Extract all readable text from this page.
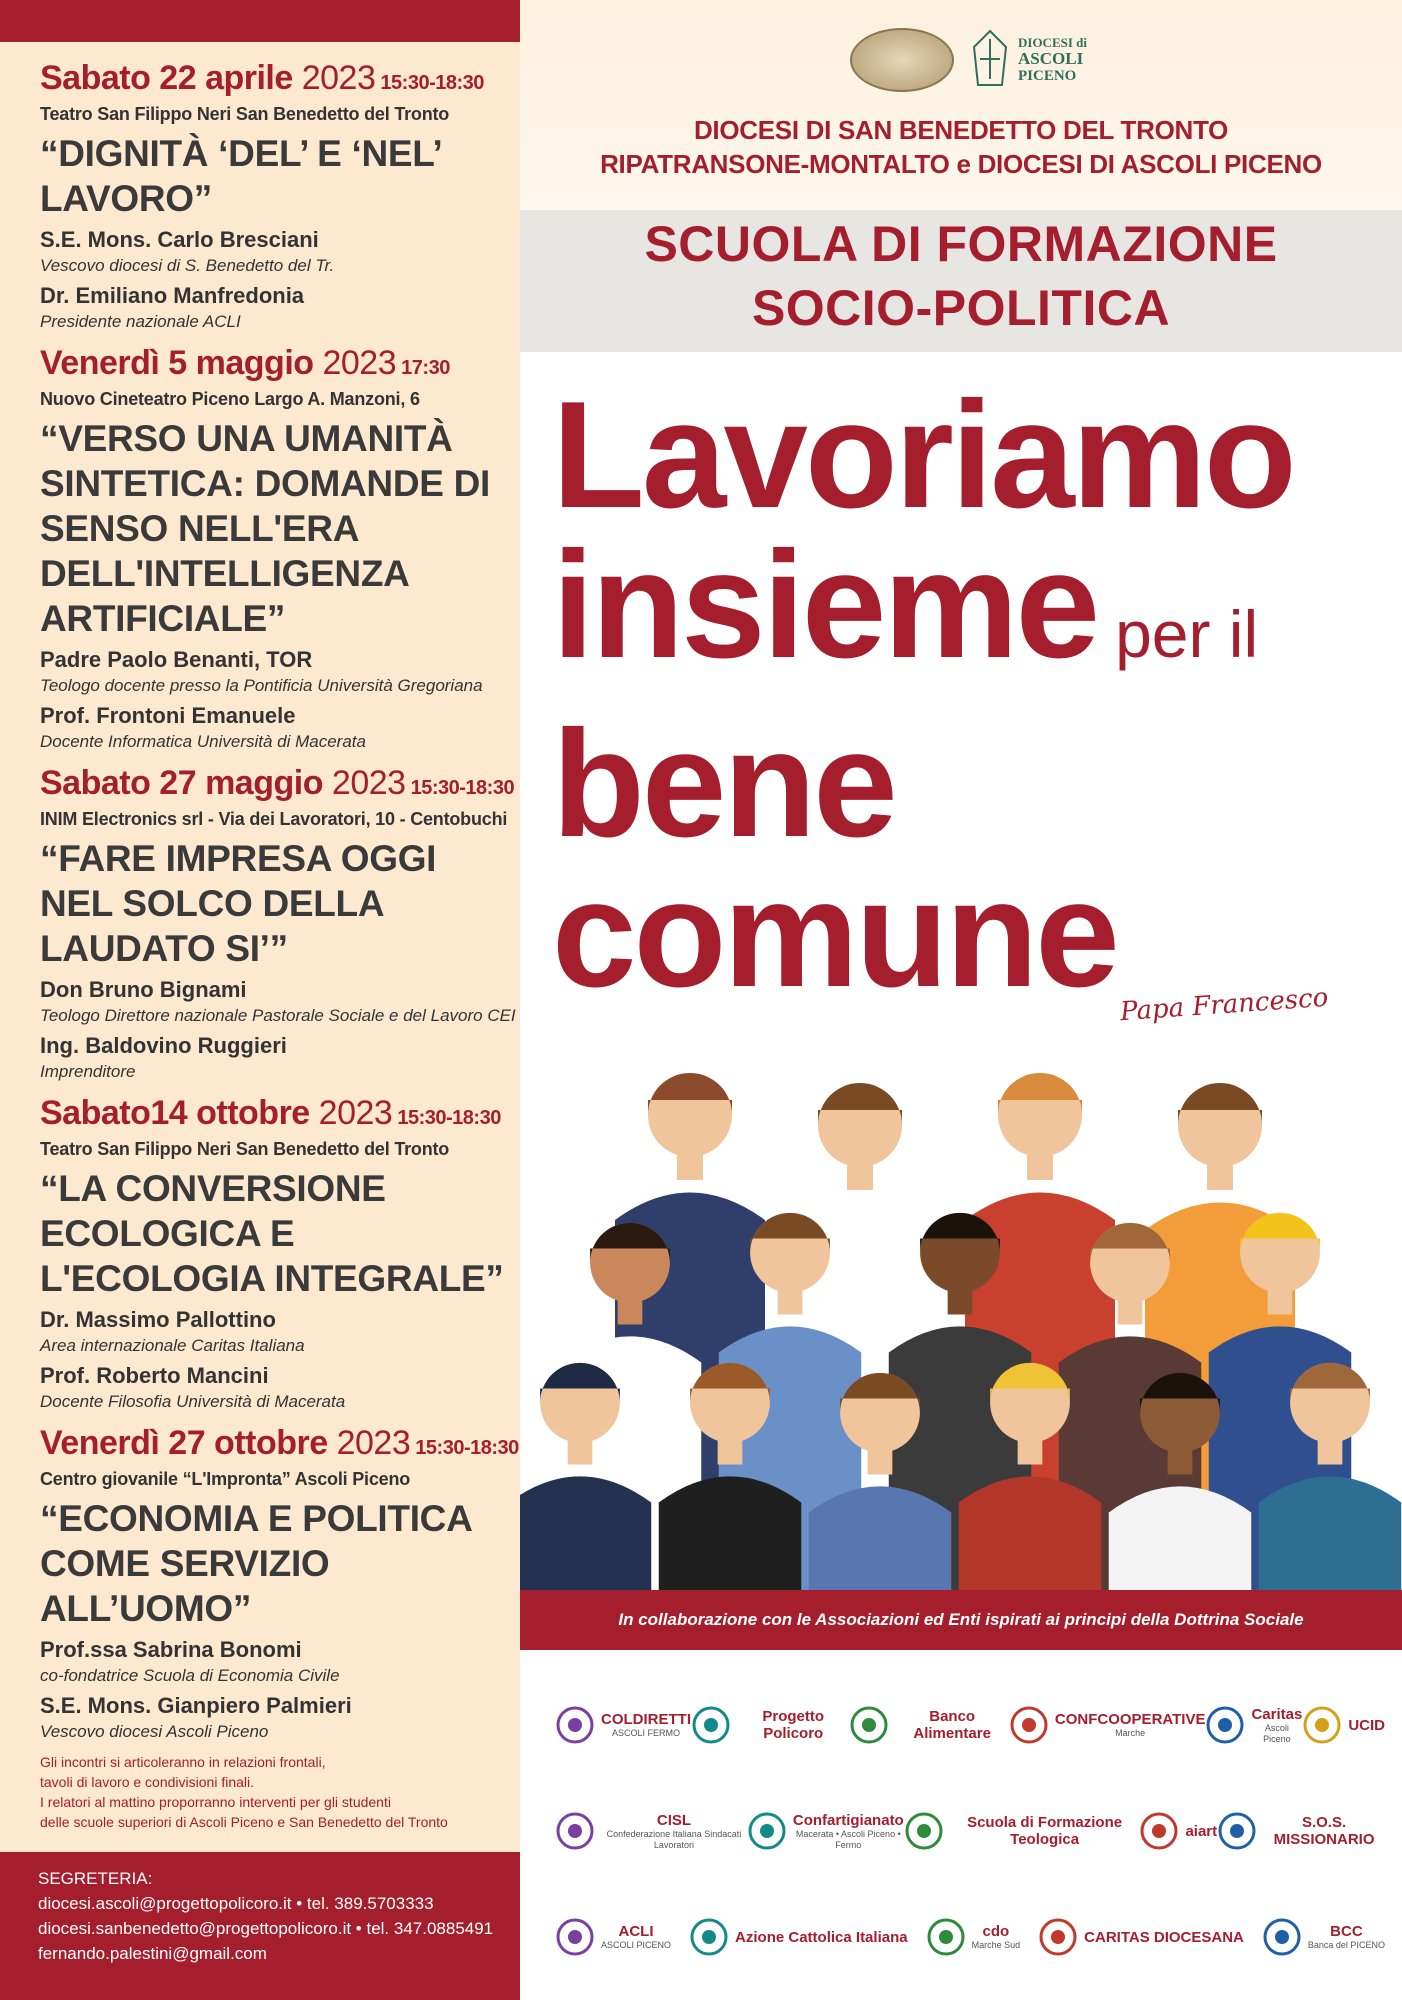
Sabato 22 aprile 2023 15:30-18:30
Teatro San Filippo Neri San Benedetto del Tronto
“DIGNITÀ ‘DEL’ E ‘NEL’ LAVORO”
S.E. Mons. Carlo Bresciani
Vescovo diocesi di S. Benedetto del Tr.
Dr. Emiliano Manfredonia
Presidente nazionale ACLI
Venerdì 5 maggio 2023 17:30
Nuovo Cineteatro Piceno Largo A. Manzoni, 6
“VERSO UNA UMANITÀ SINTETICA: DOMANDE DI SENSO NELL'ERA DELL'INTELLIGENZA ARTIFICIALE”
Padre Paolo Benanti, TOR
Teologo docente presso la Pontificia Università Gregoriana
Prof. Frontoni Emanuele
Docente Informatica Università di Macerata
Sabato 27 maggio 2023 15:30-18:30
INIM Electronics srl - Via dei Lavoratori, 10 - Centobuchi
“FARE IMPRESA OGGI NEL SOLCO DELLA LAUDATO SI’”
Don Bruno Bignami
Teologo Direttore nazionale Pastorale Sociale e del Lavoro CEI
Ing. Baldovino Ruggieri
Imprenditore
Sabato14 ottobre 2023 15:30-18:30
Teatro San Filippo Neri San Benedetto del Tronto
“LA CONVERSIONE ECOLOGICA E L'ECOLOGIA INTEGRALE”
Dr. Massimo Pallottino
Area internazionale Caritas Italiana
Prof. Roberto Mancini
Docente Filosofia Università di Macerata
Venerdì 27 ottobre 2023 15:30-18:30
Centro giovanile “L'Impronta” Ascoli Piceno
“ECONOMIA E POLITICA COME SERVIZIO ALL’UOMO”
Prof.ssa Sabrina Bonomi
co-fondatrice Scuola di Economia Civile
S.E. Mons. Gianpiero Palmieri
Vescovo diocesi Ascoli Piceno
Gli incontri si articoleranno in relazioni frontali,
tavoli di lavoro e condivisioni finali.
I relatori al mattino proporranno interventi per gli studenti
delle scuole superiori di Ascoli Piceno e San Benedetto del Tronto
SEGRETERIA:
diocesi.ascoli@progettopolicoro.it • tel. 389.5703333
diocesi.sanbenedetto@progettopolicoro.it • tel. 347.0885491
fernando.palestini@gmail.com
DIOCESI di
ASCOLI
PICENO
DIOCESI DI SAN BENEDETTO DEL TRONTO
RIPATRANSONE-MONTALTO e DIOCESI DI ASCOLI PICENO
SCUOLA DI FORMAZIONE
SOCIO-POLITICA
Lavoriamo
insieme per il
bene
comune Papa Francesco
In collaborazione con le Associazioni ed Enti ispirati ai principi della Dottrina Sociale
COLDIRETTI
ASCOLI FERMO
Progetto Policoro
Banco Alimentare
CONFCOOPERATIVE
Marche
Caritas
Ascoli Piceno
UCID
CISL
Confederazione Italiana Sindacati Lavoratori
Confartigianato
Macerata • Ascoli Piceno • Fermo
Scuola di Formazione Teologica	aiart	S.O.S. MISSIONARIO
ACLI
ASCOLI PICENO	Azione Cattolica Italiana	cdo
Marche Sud	CARITAS DIOCESANA	BCC
Banca del PICENO
